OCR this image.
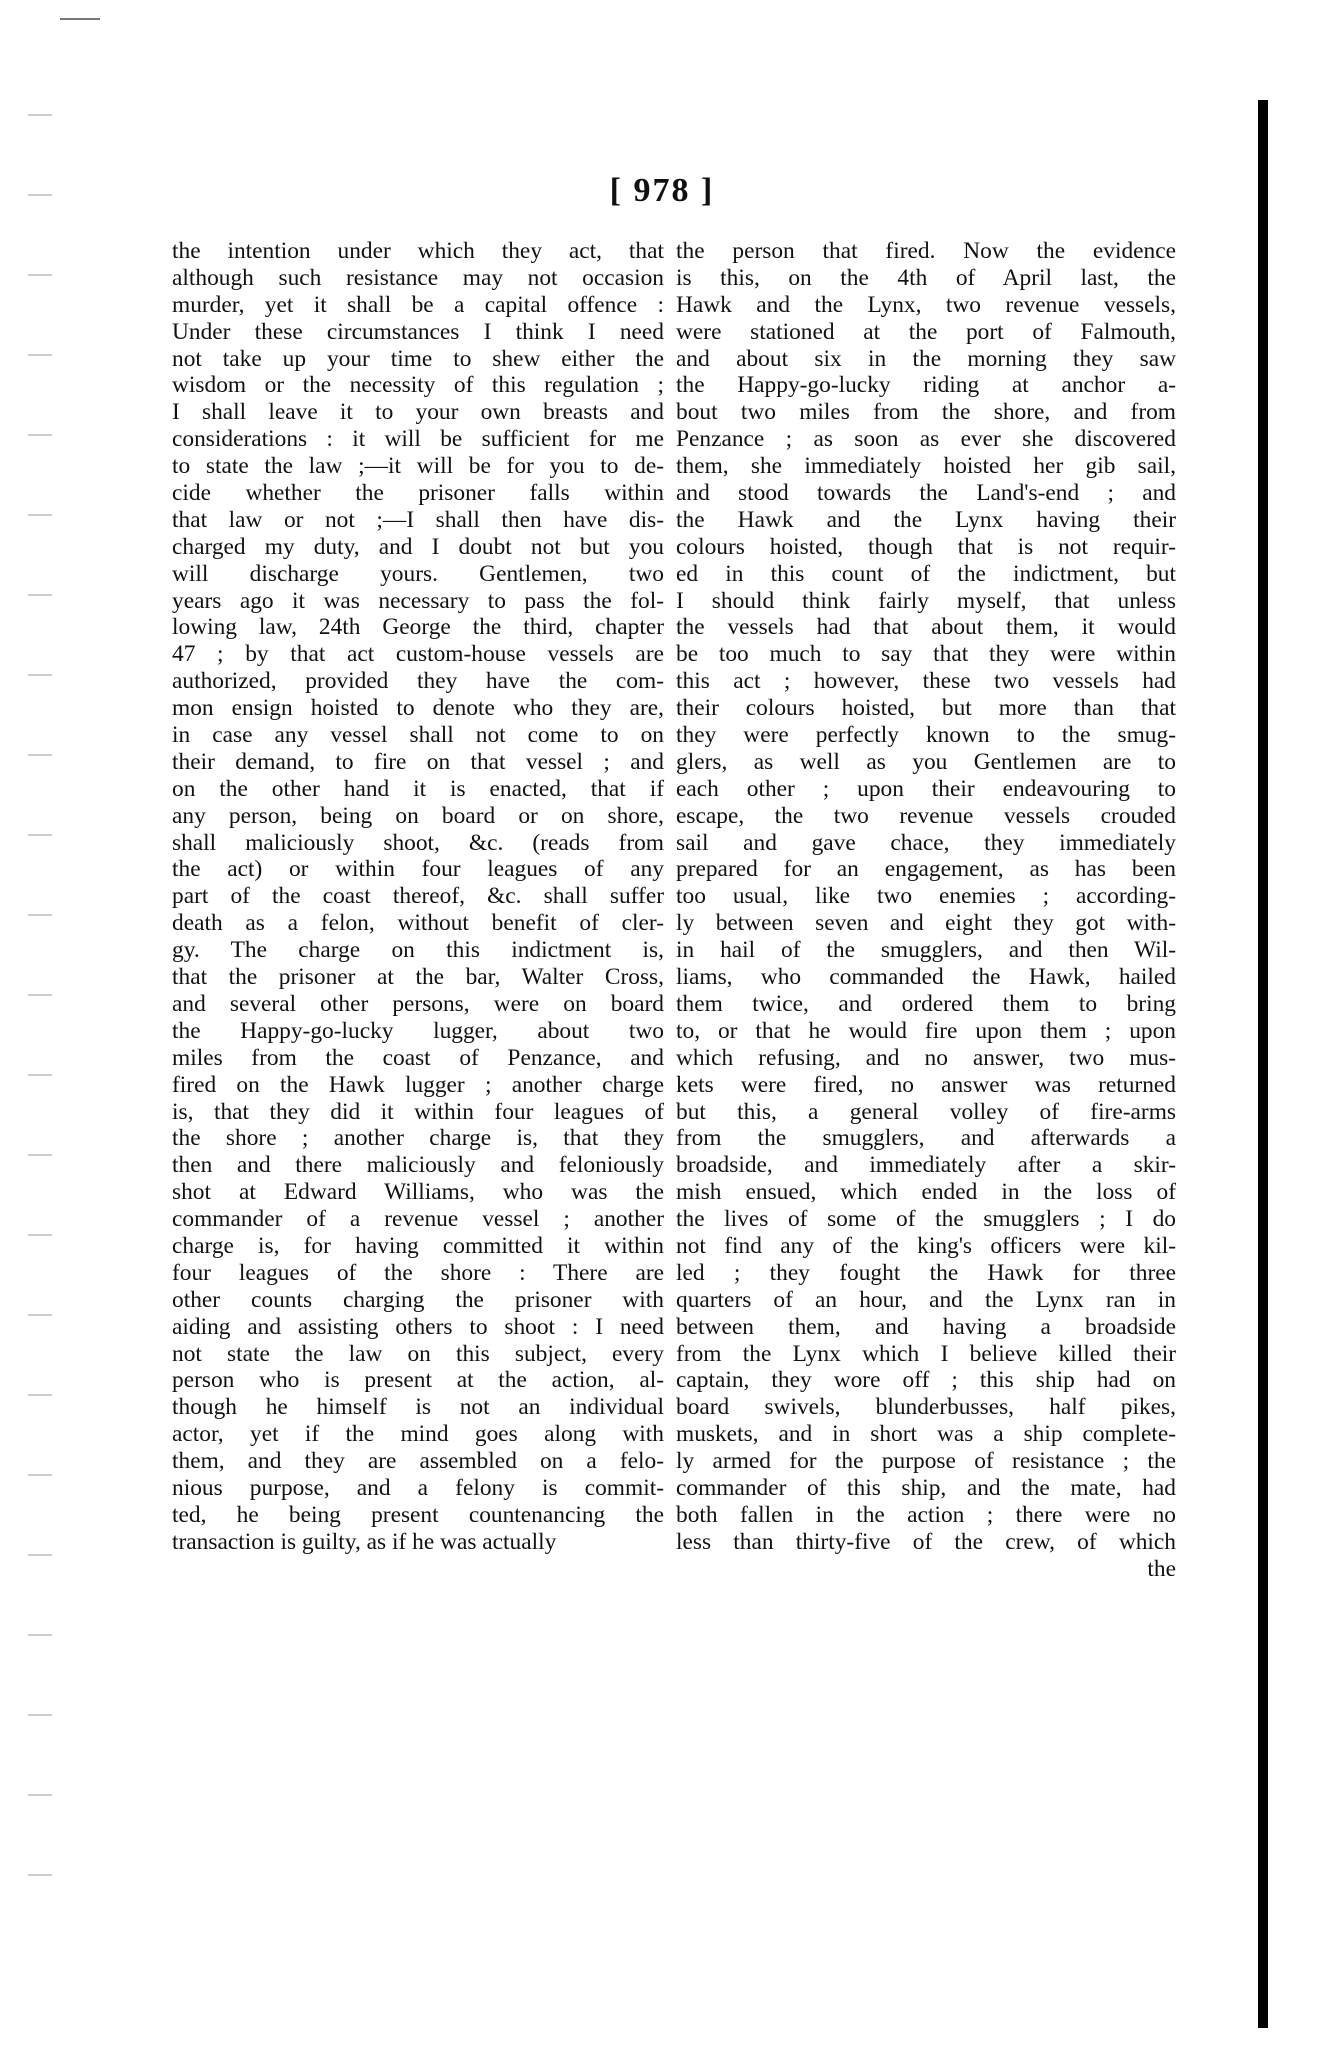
[ 978 ]
the intention under which they act, that
although such resistance may not occasion
murder, yet it shall be a capital offence :
Under these circumstances I think I need
not take up your time to shew either the
wisdom or the necessity of this regulation ;
I shall leave it to your own breasts and
considerations : it will be sufficient for me
to state the law ;—it will be for you to de-
cide whether the prisoner falls within
that law or not ;—I shall then have dis-
charged my duty, and I doubt not but you
will discharge yours. Gentlemen, two
years ago it was necessary to pass the fol-
lowing law, 24th George the third, chapter
47 ; by that act custom-house vessels are
authorized, provided they have the com-
mon ensign hoisted to denote who they are,
in case any vessel shall not come to on
their demand, to fire on that vessel ; and
on the other hand it is enacted, that if
any person, being on board or on shore,
shall maliciously shoot, &c. (reads from
the act) or within four leagues of any
part of the coast thereof, &c. shall suffer
death as a felon, without benefit of cler-
gy. The charge on this indictment is,
that the prisoner at the bar, Walter Cross,
and several other persons, were on board
the Happy-go-lucky lugger, about two
miles from the coast of Penzance, and
fired on the Hawk lugger ; another charge
is, that they did it within four leagues of
the shore ; another charge is, that they
then and there maliciously and feloniously
shot at Edward Williams, who was the
commander of a revenue vessel ; another
charge is, for having committed it within
four leagues of the shore : There are
other counts charging the prisoner with
aiding and assisting others to shoot : I need
not state the law on this subject, every
person who is present at the action, al-
though he himself is not an individual
actor, yet if the mind goes along with
them, and they are assembled on a felo-
nious purpose, and a felony is commit-
ted, he being present countenancing the
transaction is guilty, as if he was actually
the person that fired. Now the evidence
is this, on the 4th of April last, the
Hawk and the Lynx, two revenue vessels,
were stationed at the port of Falmouth,
and about six in the morning they saw
the Happy-go-lucky riding at anchor a-
bout two miles from the shore, and from
Penzance ; as soon as ever she discovered
them, she immediately hoisted her gib sail,
and stood towards the Land's-end ; and
the Hawk and the Lynx having their
colours hoisted, though that is not requir-
ed in this count of the indictment, but
I should think fairly myself, that unless
the vessels had that about them, it would
be too much to say that they were within
this act ; however, these two vessels had
their colours hoisted, but more than that
they were perfectly known to the smug-
glers, as well as you Gentlemen are to
each other ; upon their endeavouring to
escape, the two revenue vessels crouded
sail and gave chace, they immediately
prepared for an engagement, as has been
too usual, like two enemies ; according-
ly between seven and eight they got with-
in hail of the smugglers, and then Wil-
liams, who commanded the Hawk, hailed
them twice, and ordered them to bring
to, or that he would fire upon them ; upon
which refusing, and no answer, two mus-
kets were fired, no answer was returned
but this, a general volley of fire-arms
from the smugglers, and afterwards a
broadside, and immediately after a skir-
mish ensued, which ended in the loss of
the lives of some of the smugglers ; I do
not find any of the king's officers were kil-
led ; they fought the Hawk for three
quarters of an hour, and the Lynx ran in
between them, and having a broadside
from the Lynx which I believe killed their
captain, they wore off ; this ship had on
board swivels, blunderbusses, half pikes,
muskets, and in short was a ship complete-
ly armed for the purpose of resistance ; the
commander of this ship, and the mate, had
both fallen in the action ; there were no
less than thirty-five of the crew, of which
the
